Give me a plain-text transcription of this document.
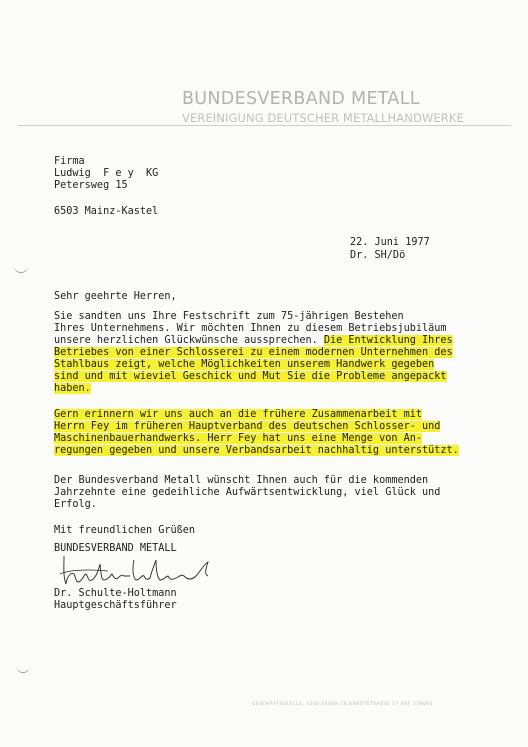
BUNDESVERBAND METALL
VEREINIGUNG DEUTSCHER METALLHANDWERKE
Firma
Ludwig  F e y  KG
Petersweg 15
6503 Mainz-Kastel
22. Juni 1977
Dr. SH/Dö
Sehr geehrte Herren,
Sie sandten uns Ihre Festschrift zum 75-jährigen Bestehen
Ihres Unternehmens. Wir möchten Ihnen zu diesem Betriebsjubiläum
unsere herzlichen Glückwünsche aussprechen. Die Entwicklung Ihres
Betriebes von einer Schlosserei zu einem modernen Unternehmen des
Stahlbaus zeigt, welche Möglichkeiten unserem Handwerk gegeben
sind und mit wieviel Geschick und Mut Sie die Probleme angepackt
haben.
Gern erinnern wir uns auch an die frühere Zusammenarbeit mit
Herrn Fey im früheren Hauptverband des deutschen Schlosser- und
Maschinenbauerhandwerks. Herr Fey hat uns eine Menge von An-
regungen gegeben und unsere Verbandsarbeit nachhaltig unterstützt.
Der Bundesverband Metall wünscht Ihnen auch für die kommenden
Jahrzehnte eine gedeihliche Aufwärtsentwicklung, viel Glück und
Erfolg.
Mit freundlichen Grüßen
BUNDESVERBAND METALL
Dr. Schulte-Holtmann
Hauptgeschäftsführer
GESCHÄFTSSTELLE: 4300 ESSEN 18 ERNSTSTRASSE 37 RUF 278000
